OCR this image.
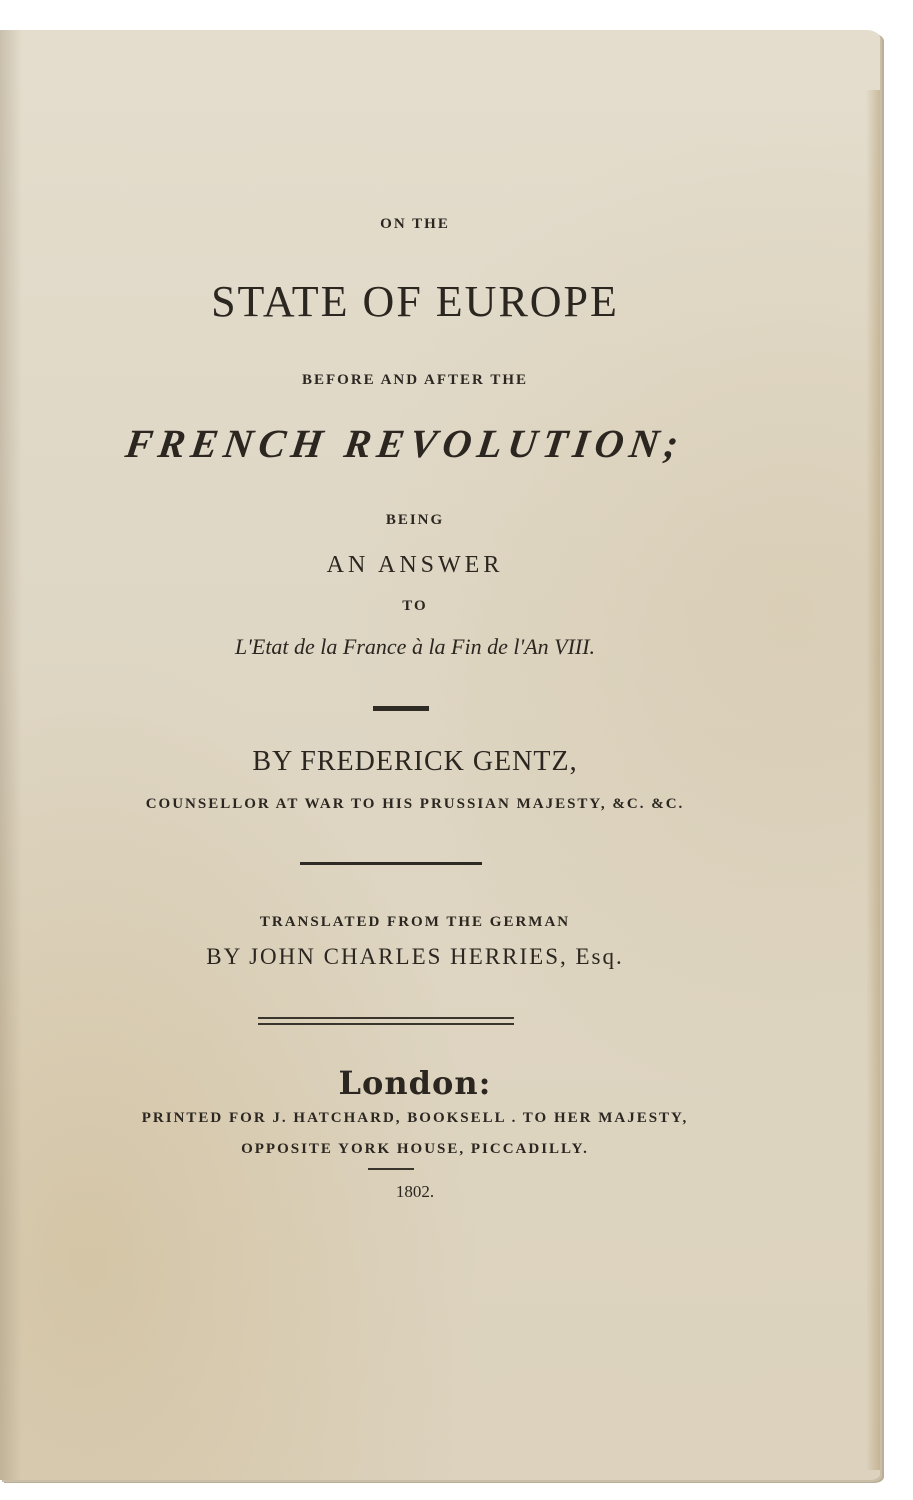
ON THE
STATE OF EUROPE
BEFORE AND AFTER THE
FRENCH REVOLUTION;
BEING
AN ANSWER
TO
L'Etat de la France à la Fin de l'An VIII.
BY FREDERICK GENTZ,
COUNSELLOR AT WAR TO HIS PRUSSIAN MAJESTY, &C. &C.
TRANSLATED FROM THE GERMAN
BY JOHN CHARLES HERRIES, Esq.
London:
PRINTED FOR J. HATCHARD, BOOKSELL . TO HER MAJESTY,
OPPOSITE YORK HOUSE, PICCADILLY.
1802.
